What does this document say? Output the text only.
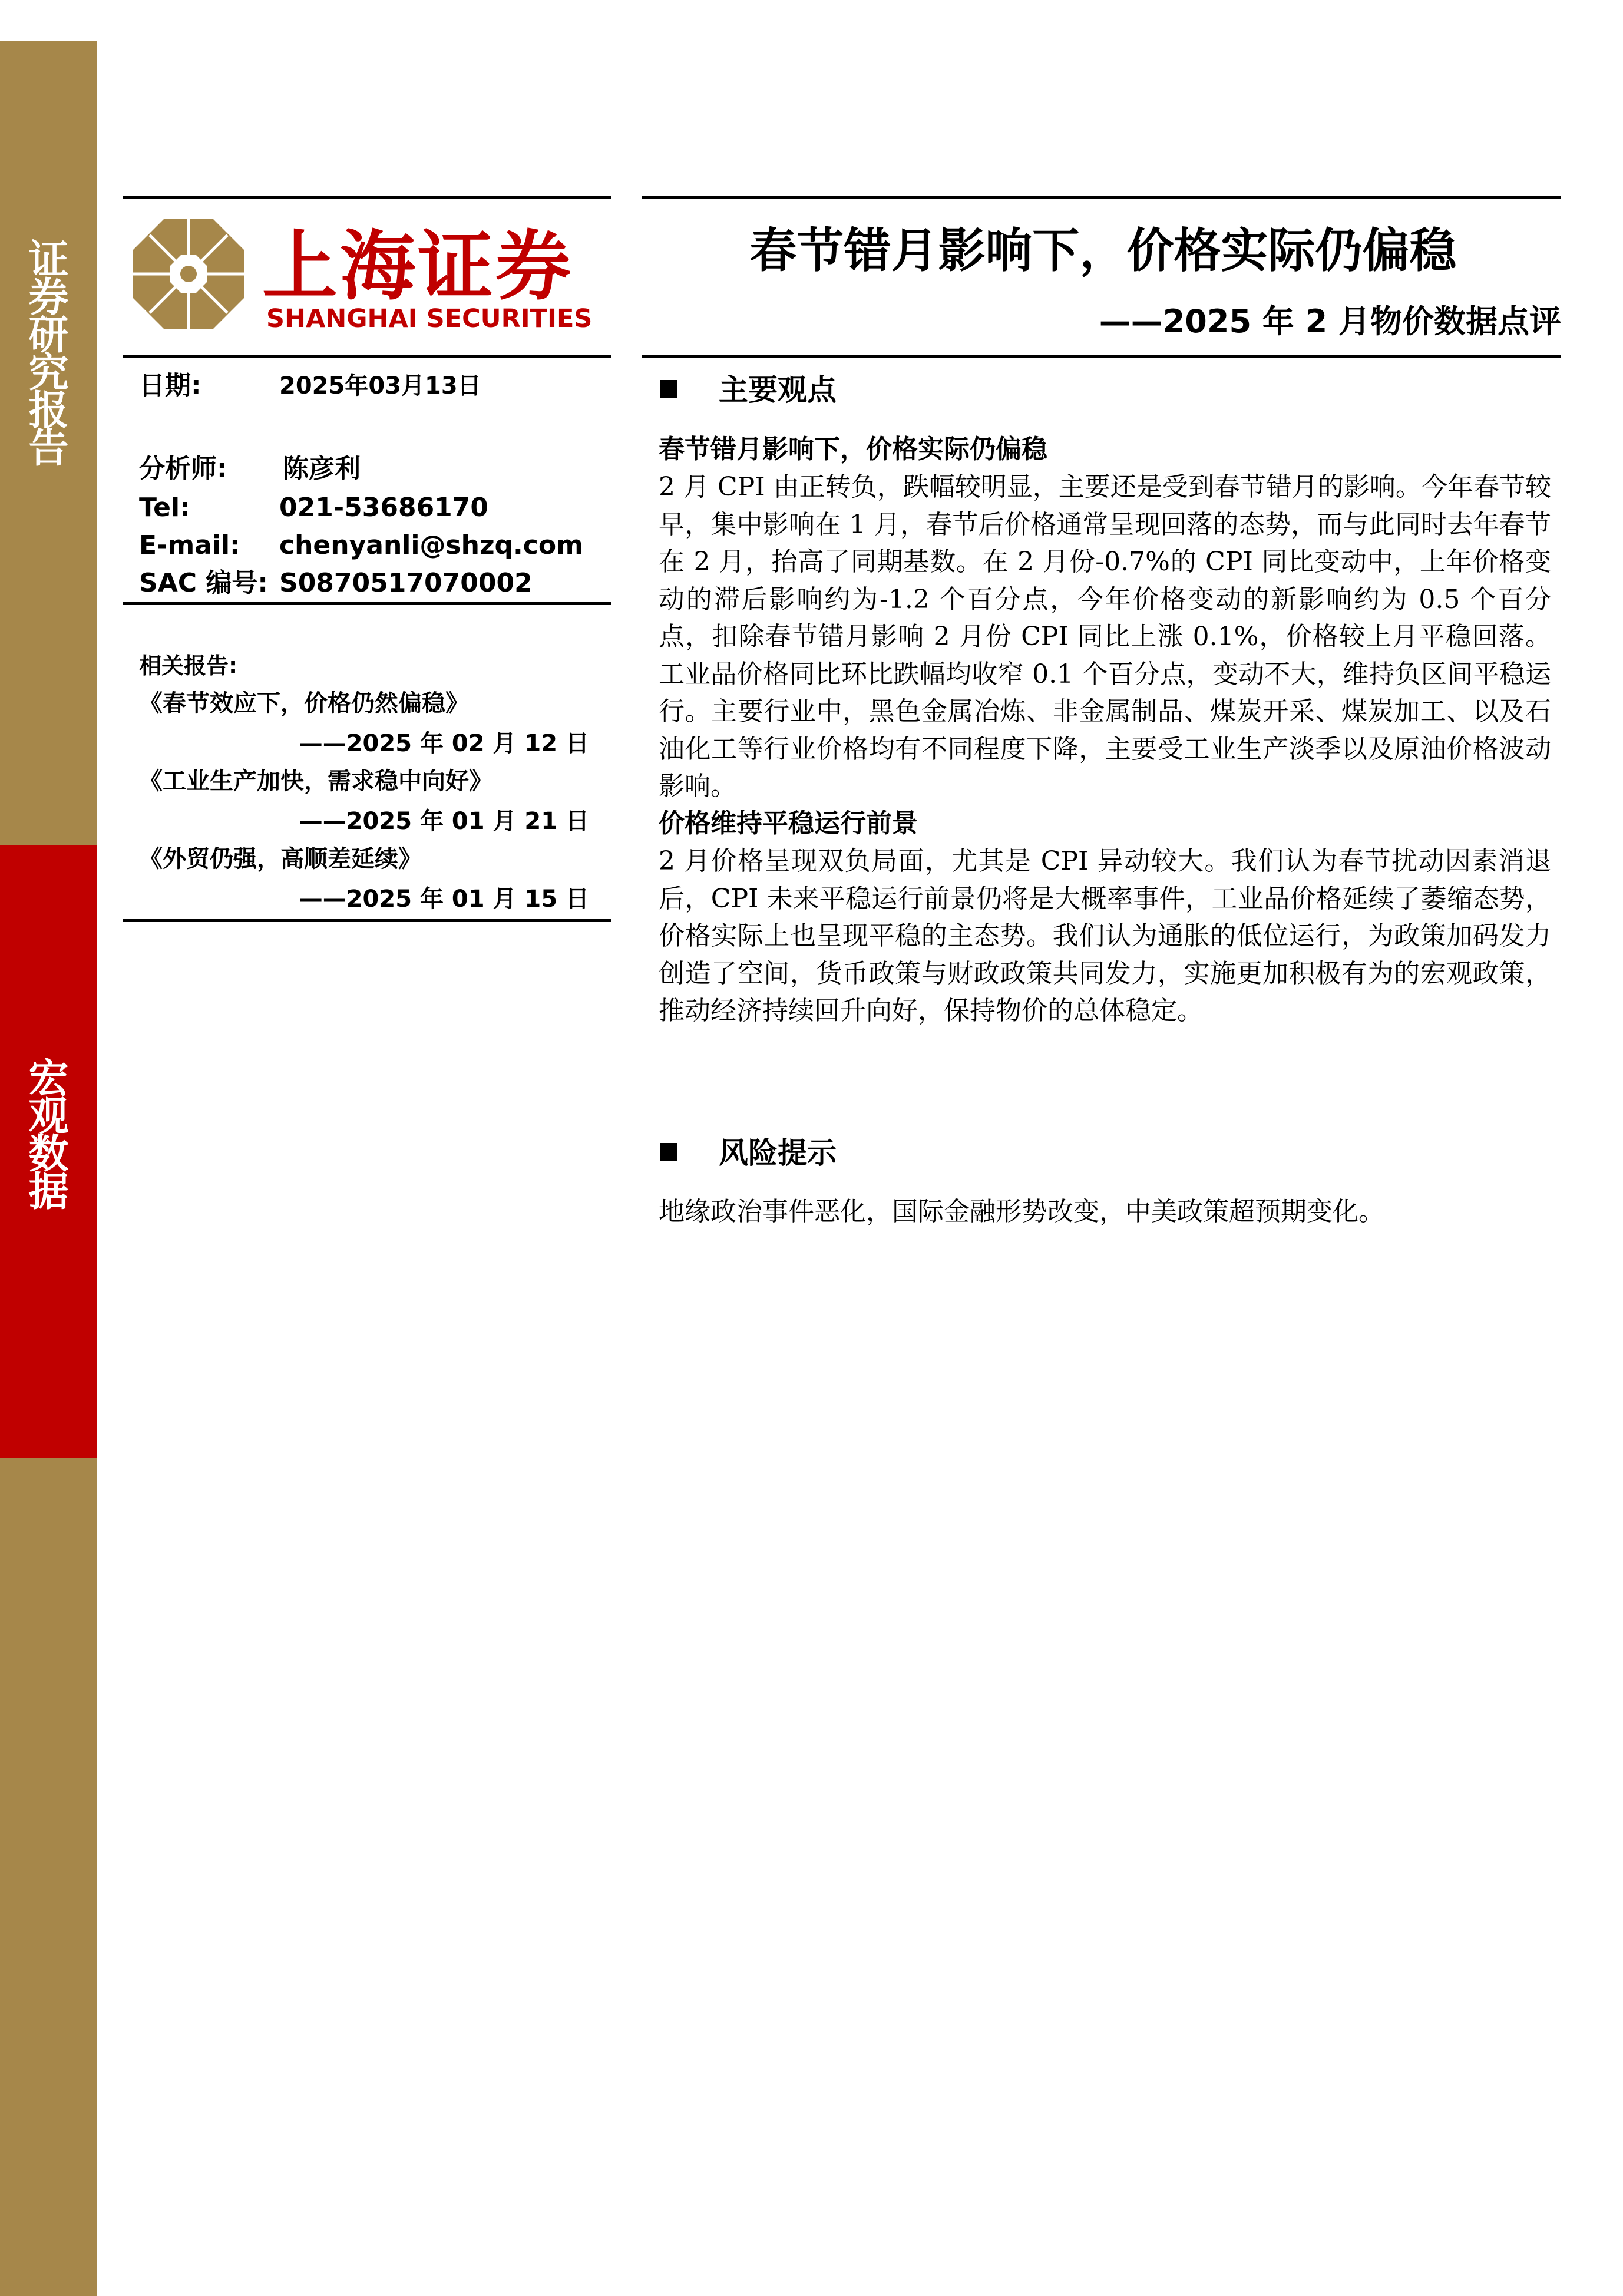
证
券
研
究
报
告
宏
观
数
据
上海证券
SHANGHAI SECURITIES
春节错月影响下，价格实际仍偏稳
——2025 年 2 月物价数据点评
日期:	2025年03月13日
分析师: 陈彦利
Tel:	021-53686170
E-mail: chenyanli@shzq.com
SAC 编号: S0870517070002
相关报告:
《春节效应下，价格仍然偏稳》
——2025 年 02 月 12 日
《工业生产加快，需求稳中向好》
——2025 年 01 月 21 日
《外贸仍强，高顺差延续》
——2025 年 01 月 15 日
主要观点
春节错月影响下，价格实际仍偏稳
2 月 CPI 由正转负，跌幅较明显，主要还是受到春节错月的影响。今年春节较早，集中影响在 1 月，春节后价格通常呈现回落的态势，而与此同时去年春节在 2 月，抬高了同期基数。在 2 月份-0.7%的 CPI 同比变动中，上年价格变动的滞后影响约为-1.2 个百分点，今年价格变动的新影响约为 0.5 个百分点，扣除春节错月影响 2 月份 CPI 同比上涨 0.1%，价格较上月平稳回落。工业品价格同比环比跌幅均收窄 0.1 个百分点，变动不大，维持负区间平稳运行。主要行业中，黑色金属冶炼、非金属制品、煤炭开采、煤炭加工、以及石油化工等行业价格均有不同程度下降，主要受工业生产淡季以及原油价格波动影响。
价格维持平稳运行前景
2 月价格呈现双负局面，尤其是 CPI 异动较大。我们认为春节扰动因素消退后，CPI 未来平稳运行前景仍将是大概率事件，工业品价格延续了萎缩态势，价格实际上也呈现平稳的主态势。我们认为通胀的低位运行，为政策加码发力创造了空间，货币政策与财政政策共同发力，实施更加积极有为的宏观政策，推动经济持续回升向好，保持物价的总体稳定。
风险提示
地缘政治事件恶化，国际金融形势改变，中美政策超预期变化。
